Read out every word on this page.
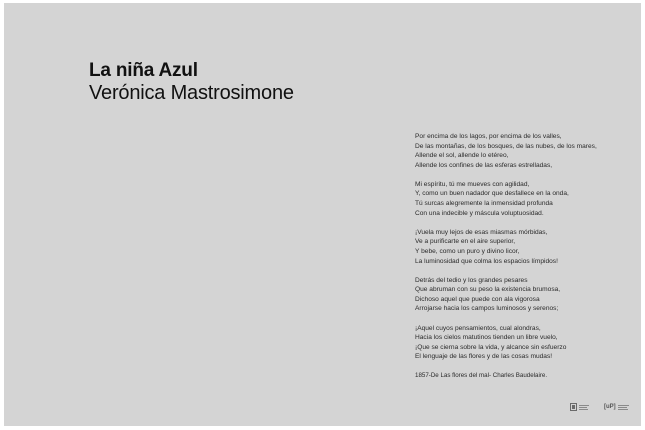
La niña Azul
Verónica Mastrosimone
Por encima de los lagos, por encima de los valles,
De las montañas, de los bosques, de las nubes, de los mares,
Allende el sol, allende lo etéreo,
Allende los confines de las esferas estrelladas,
Mi espíritu, tú me mueves con agilidad,
Y, como un buen nadador que desfallece en la onda,
Tú surcas alegremente la inmensidad profunda
Con una indecible y máscula voluptuosidad.
¡Vuela muy lejos de esas miasmas mórbidas,
Ve a purificarte en el aire superior,
Y bebe, como un puro y divino licor,
La luminosidad que colma los espacios límpidos!
Detrás del tedio y los grandes pesares
Que abruman con su peso la existencia brumosa,
Dichoso aquel que puede con ala vigorosa
Arrojarse hacia los campos luminosos y serenos;
¡Aquel cuyos pensamientos, cual alondras,
Hacia los cielos matutinos tienden un libre vuelo,
¡Que se cierna sobre la vida, y alcance sin esfuerzo
El lenguaje de las flores y de las cosas mudas!
1857-De Las flores del mal- Charles Baudelaire.
[uP]
